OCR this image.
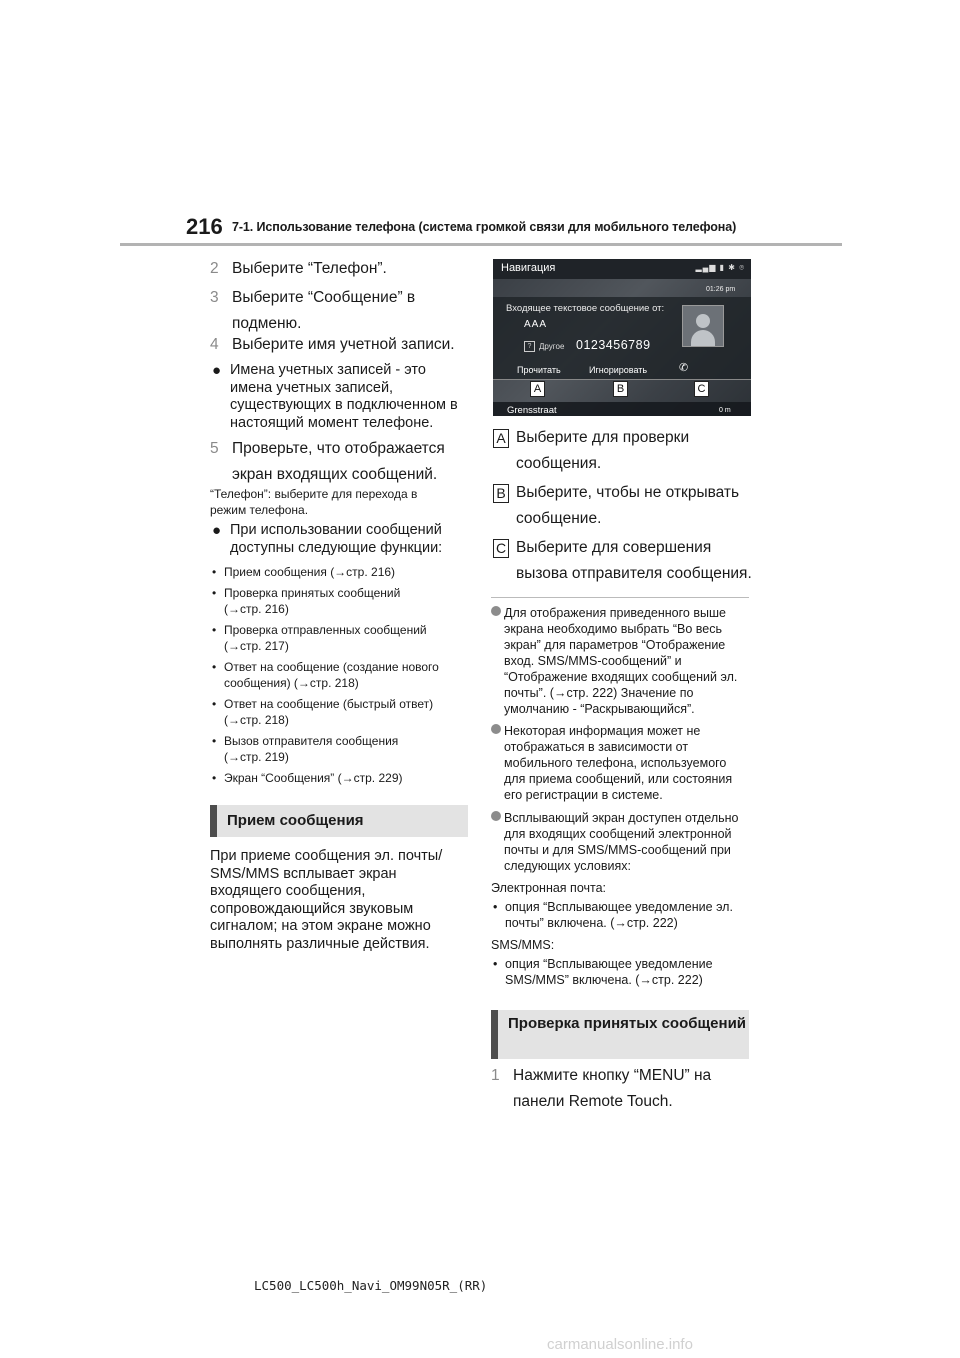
216 7-1. Использование телефона (система громкой связи для мобильного телефона)
2 Выберите “Телефон”.
3 Выберите “Сообщение” в подменю.
4 Выберите имя учетной записи.
● Имена учетных записей - это имена учетных записей, существующих в подключенном в настоящий момент телефоне.
5 Проверьте, что отображается экран входящих сообщений.
“Телефон”: выберите для перехода в режим телефона.
● При использовании сообщений доступны следующие функции:
• Прием сообщения (→стр. 216)
• Проверка принятых сообщений (→стр. 216)
• Проверка отправленных сообщений (→стр. 217)
• Ответ на сообщение (создание нового сообщения) (→стр. 218)
• Ответ на сообщение (быстрый ответ) (→стр. 218)
• Вызов отправителя сообщения (→стр. 219)
• Экран “Сообщения” (→стр. 229)
Прием сообщения
При приеме сообщения эл. почты/ SMS/MMS всплывает экран входящего сообщения, сопровождающийся звуковым сигналом; на этом экране можно выполнять различные действия.
Навигация	▂▄▆ ▮ ✱ ⌾
01:26 pm
Входящее текстовое сообщение от:
AAA
? Другое 0123456789
Прочитать	Игнорировать	✆
A	B	C
Grensstraat	0 m
A Выберите для проверки сообщения.
B Выберите, чтобы не открывать сообщение.
C Выберите для совершения вызова отправителя сообщения.
Для отображения приведенного выше экрана необходимо выбрать “Во весь экран” для параметров “Отображение вход. SMS/MMS-сообщений” и “Отображение входящих сообщений эл. почты”. (→стр. 222) Значение по умолчанию - “Раскрывающийся”.
Некоторая информация может не отображаться в зависимости от мобильного телефона, используемого для приема сообщений, или состояния его регистрации в системе.
Всплывающий экран доступен отдельно для входящих сообщений электронной почты и для SMS/MMS-сообщений при следующих условиях:
Электронная почта:
• опция “Всплывающее уведомление эл. почты” включена. (→стр. 222)
SMS/MMS:
• опция “Всплывающее уведомление SMS/MMS” включена. (→стр. 222)
Проверка принятых сообщений
1 Нажмите кнопку “MENU” на панели Remote Touch.
LC500_LC500h_Navi_OM99N05R_(RR)
carmanualsonline.info
